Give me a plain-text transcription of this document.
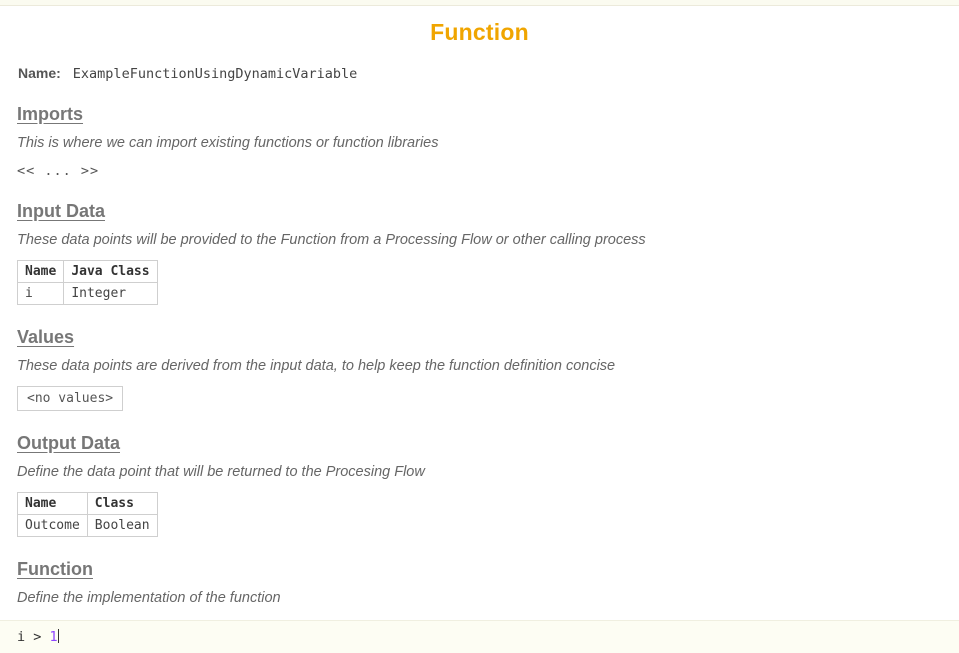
Function
Name: ExampleFunctionUsingDynamicVariable
Imports

This is where we can import existing functions or function libraries

<< ... >>
Input Data

These data points will be provided to the Function from a Processing Flow or other calling process

Name	Java Class
i	Integer
Values

These data points are derived from the input data, to help keep the function definition concise

<no values>
Output Data

Define the data point that will be returned to the Procesing Flow

Name	Class
Outcome	Boolean
Function

Define the implementation of the function

i > 1
